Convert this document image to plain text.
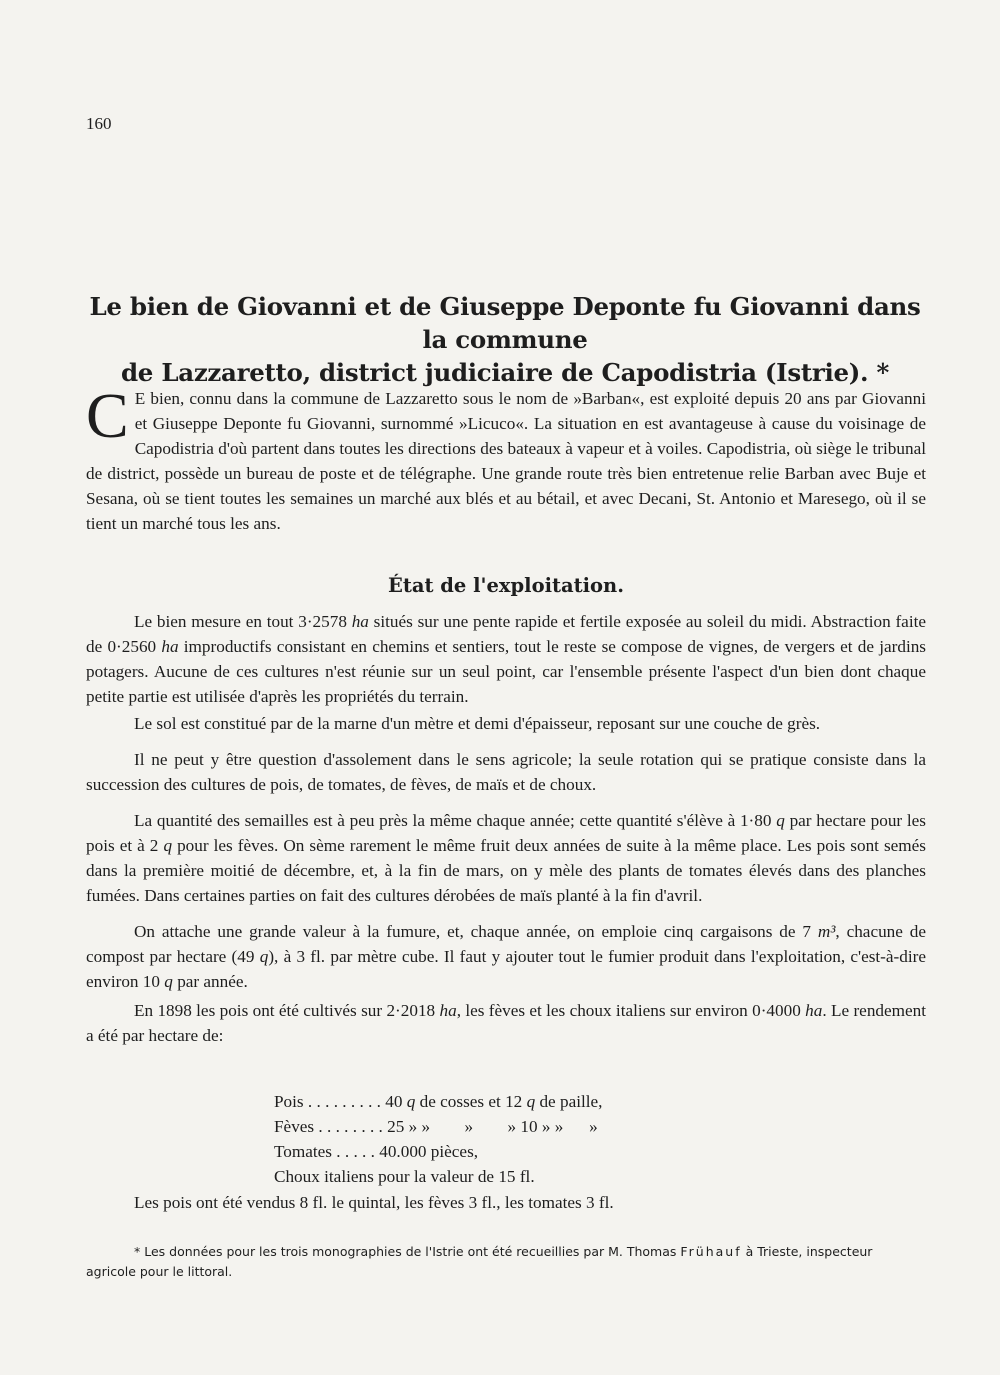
160
Le bien de Giovanni et de Giuseppe Deponte fu Giovanni dans la commune
de Lazzaretto, district judiciaire de Capodistria (Istrie). *
C E bien, connu dans la commune de Lazzaretto sous le nom de »Barban«, est exploité depuis 20 ans par Giovanni et Giuseppe Deponte fu Giovanni, surnommé »Licuco«. La situation en est avantageuse à cause du voisinage de Capodistria d'où partent dans toutes les directions des bateaux à vapeur et à voiles. Capodistria, où siège le tribunal de district, possède un bureau de poste et de télégraphe. Une grande route très bien entretenue relie Barban avec Buje et Sesana, où se tient toutes les semaines un marché aux blés et au bétail, et avec Decani, St. Antonio et Maresego, où il se tient un marché tous les ans.
État de l'exploitation.

Le bien mesure en tout 3·2578 ha situés sur une pente rapide et fertile exposée au soleil du midi. Abstraction faite de 0·2560 ha improductifs consistant en chemins et sentiers, tout le reste se compose de vignes, de vergers et de jardins potagers. Aucune de ces cultures n'est réunie sur un seul point, car l'ensemble présente l'aspect d'un bien dont chaque petite partie est utilisée d'après les propriétés du terrain.

Le sol est constitué par de la marne d'un mètre et demi d'épaisseur, reposant sur une couche de grès.

Il ne peut y être question d'assolement dans le sens agricole; la seule rotation qui se pratique consiste dans la succession des cultures de pois, de tomates, de fèves, de maïs et de choux.

La quantité des semailles est à peu près la même chaque année; cette quantité s'élève à 1·80 q par hectare pour les pois et à 2 q pour les fèves. On sème rarement le même fruit deux années de suite à la même place. Les pois sont semés dans la première moitié de décembre, et, à la fin de mars, on y mèle des plants de tomates élevés dans des planches fumées. Dans certaines parties on fait des cultures dérobées de maïs planté à la fin d'avril.

On attache une grande valeur à la fumure, et, chaque année, on emploie cinq cargaisons de 7 m³, chacune de compost par hectare (49 q), à 3 fl. par mètre cube. Il faut y ajouter tout le fumier produit dans l'exploitation, c'est-à-dire environ 10 q par année.

En 1898 les pois ont été cultivés sur 2·2018 ha, les fèves et les choux italiens sur environ 0·4000 ha. Le rendement a été par hectare de:

Pois . . . . . . . . . 40 q de cosses et 12 q de paille,
Fèves . . . . . . . . 25 » »        »        » 10 » »      »
Tomates . . . . . 40.000 pièces,
Choux italiens pour la valeur de 15 fl.
Les pois ont été vendus 8 fl. le quintal, les fèves 3 fl., les tomates 3 fl.
* Les données pour les trois monographies de l'Istrie ont été recueillies par M. Thomas Frühauf à Trieste, inspecteur agricole pour le littoral.
